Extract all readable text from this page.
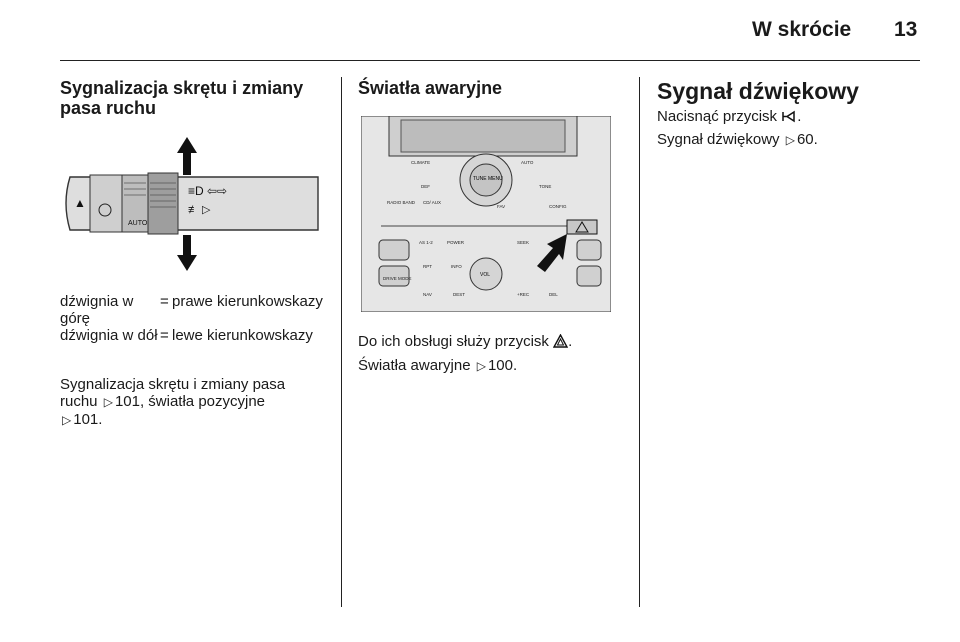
W skrócie 13
Sygnalizacja skrętu i zmiany pasa ruchu
AUTO
▲
≡D ⇦⇨
≢ ▷
dźwignia w górę
= prawe kierunkowskazy
dźwignia w dół = lewe kierunkowskazy
Sygnalizacja skrętu i zmiany pasa
ruchu ▷ 101, światła pozycyjne
▷ 101.
Światła awaryjne
TUNE MENU
VOL
CLIMATE	AUTO
DEF	TONE
RADIO BAND CD/ AUX
FAV	CONFIG
AS 1-2	POWER	SEEK
DEST
NAV
RPT	INFO
+REC	DEL
DRIVE MODE
Do ich obsługi służy przycisk .
Światła awaryjne ▷ 100.
Sygnał dźwiękowy
Nacisnąć przycisk .
Sygnał dźwiękowy ▷ 60.
